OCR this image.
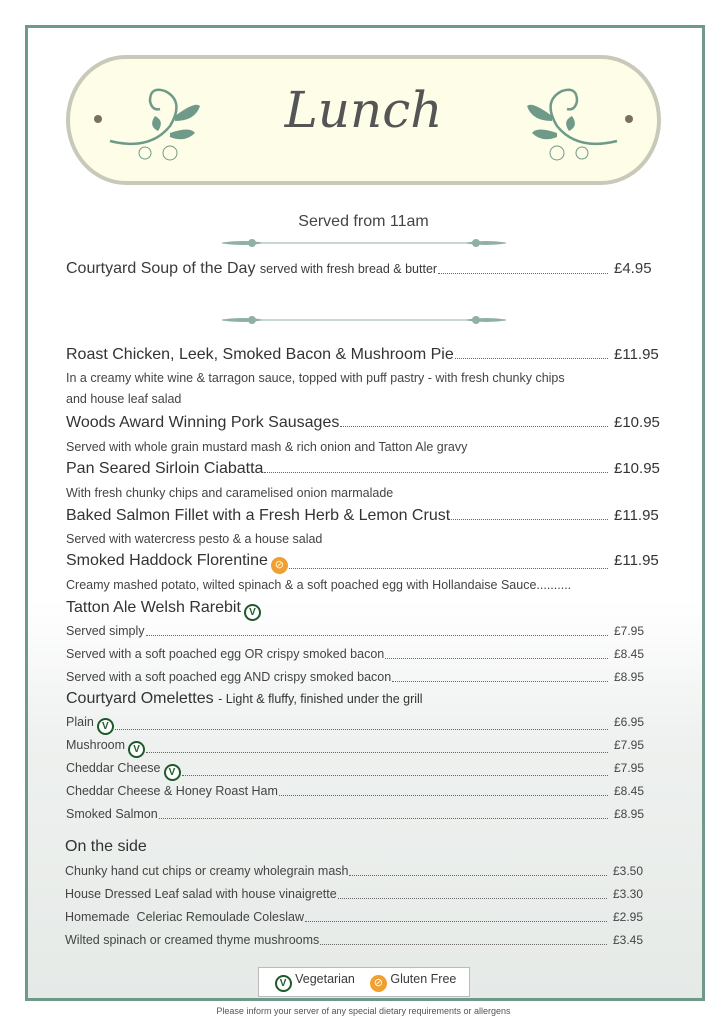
Lunch
Served from 11am
Courtyard Soup of the Day served with fresh bread & butter	£4.95
Roast Chicken, Leek, Smoked Bacon & Mushroom Pie	£11.95
In a creamy white wine & tarragon sauce, topped with puff pastry - with fresh chunky chips and house leaf salad
Woods Award Winning Pork Sausages	£10.95
Served with whole grain mustard mash & rich onion and Tatton Ale gravy
Pan Seared Sirloin Ciabatta	£10.95
With fresh chunky chips and caramelised onion marmalade
Baked Salmon Fillet with a Fresh Herb & Lemon Crust	£11.95
Served with watercress pesto & a house salad
Smoked Haddock Florentine ⊘	£11.95
Creamy mashed potato, wilted spinach & a soft poached egg with Hollandaise Sauce..........
Tatton Ale Welsh Rarebit V
Served simply	£7.95
Served with a soft poached egg OR crispy smoked bacon	£8.45
Served with a soft poached egg AND crispy smoked bacon	£8.95
Courtyard Omelettes - Light & fluffy, finished under the grill
Plain V	£6.95
Mushroom V	£7.95
Cheddar Cheese V	£7.95
Cheddar Cheese & Honey Roast Ham	£8.45
Smoked Salmon	£8.95
On the side
Chunky hand cut chips or creamy wholegrain mash	£3.50
House Dressed Leaf salad with house vinaigrette	£3.30
Homemade  Celeriac Remoulade Coleslaw	£2.95
Wilted spinach or creamed thyme mushrooms	£3.45
V Vegetarian	⊘ Gluten Free
Please inform your server of any special dietary requirements or allergens
